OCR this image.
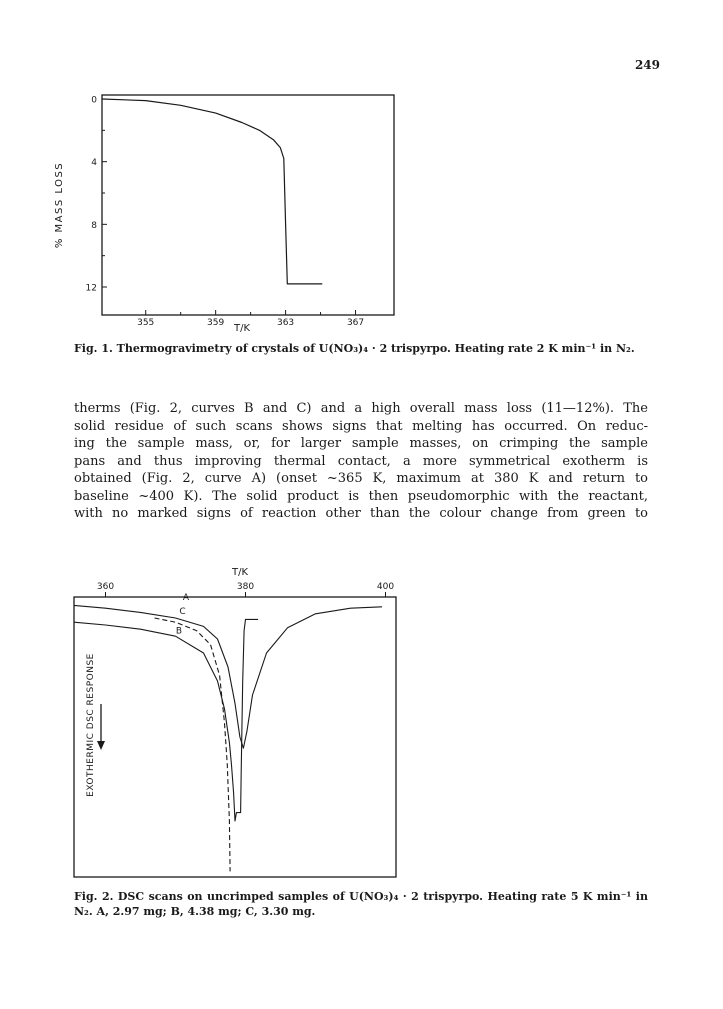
249
T/K
% MASS LOSS
355	359	363	367
0
4
8
12
Fig. 1. Thermogravimetry of crystals of U(NO₃)₄ · 2 trispyrpo. Heating rate 2 K min⁻¹ in N₂.
therms (Fig. 2, curves B and C) and a high overall mass loss (11—12%). The
solid residue of such scans shows signs that melting has occurred. On reduc-
ing the sample mass, or, for larger sample masses, on crimping the sample
pans and thus improving thermal contact, a more symmetrical exotherm is
obtained (Fig. 2, curve A) (onset ~365 K, maximum at 380 K and return to
baseline ~400 K). The solid product is then pseudomorphic with the reactant,
with no marked signs of reaction other than the colour change from green to
T/K
EXOTHERMIC DSC RESPONSE
360	380	400
A
B
C
Fig. 2. DSC scans on uncrimped samples of U(NO₃)₄ · 2 trispyrpo. Heating rate 5 K min⁻¹ in N₂. A, 2.97 mg; B, 4.38 mg; C, 3.30 mg.
